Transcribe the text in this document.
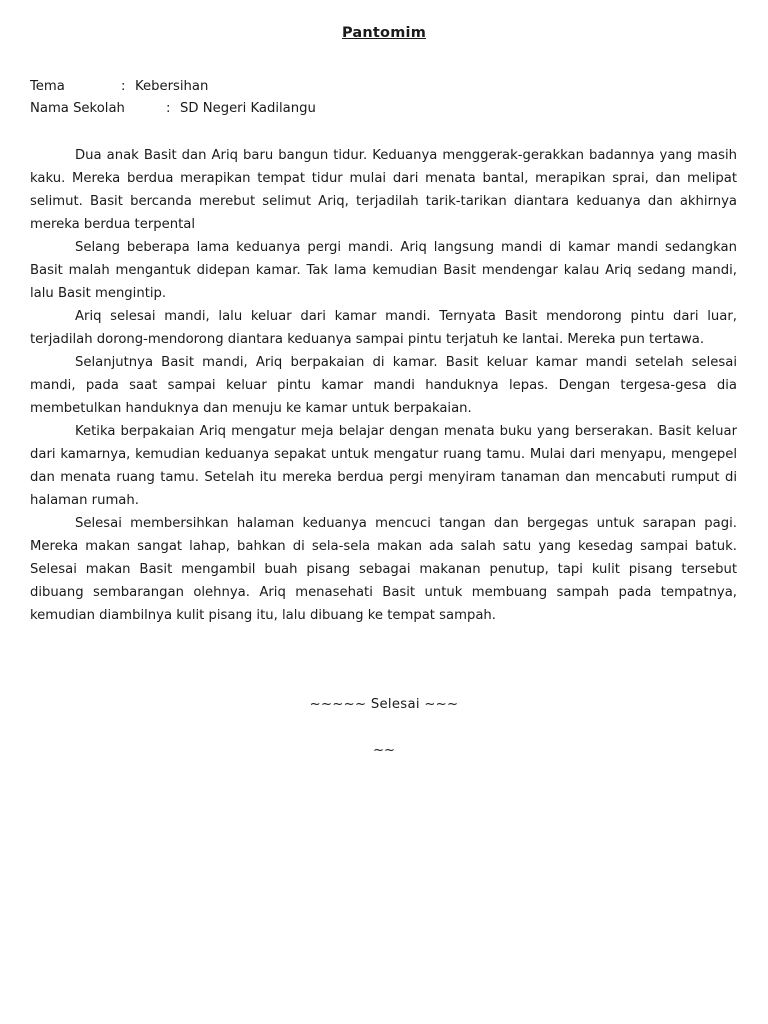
Pantomim
Tema	: Kebersihan
Nama Sekolah	: SD Negeri Kadilangu

Dua anak Basit dan Ariq baru bangun tidur. Keduanya menggerak-gerakkan badannya yang masih kaku. Mereka berdua merapikan tempat tidur mulai dari menata bantal, merapikan sprai, dan melipat selimut. Basit bercanda merebut selimut Ariq, terjadilah tarik-tarikan diantara keduanya dan akhirnya mereka berdua terpental

Selang beberapa lama keduanya pergi mandi. Ariq langsung mandi di kamar mandi sedangkan Basit malah mengantuk didepan kamar. Tak lama kemudian Basit mendengar kalau Ariq sedang mandi, lalu Basit mengintip.

Ariq selesai mandi, lalu keluar dari kamar mandi. Ternyata Basit mendorong pintu dari luar, terjadilah dorong-mendorong diantara keduanya sampai pintu terjatuh ke lantai. Mereka pun tertawa.

Selanjutnya Basit mandi, Ariq berpakaian di kamar. Basit keluar kamar mandi setelah selesai mandi, pada saat sampai keluar pintu kamar mandi handuknya lepas. Dengan tergesa-gesa dia membetulkan handuknya dan menuju ke kamar untuk berpakaian.

Ketika berpakaian Ariq mengatur meja belajar dengan menata buku yang berserakan. Basit keluar dari kamarnya, kemudian keduanya sepakat untuk mengatur ruang tamu. Mulai dari menyapu, mengepel dan menata ruang tamu. Setelah itu mereka berdua pergi menyiram tanaman dan mencabuti rumput di halaman rumah.

Selesai membersihkan halaman keduanya mencuci tangan dan bergegas untuk sarapan pagi. Mereka makan sangat lahap, bahkan di sela-sela makan ada salah satu yang kesedag sampai batuk. Selesai makan Basit mengambil buah pisang sebagai makanan penutup, tapi kulit pisang tersebut dibuang sembarangan olehnya. Ariq menasehati Basit untuk membuang sampah pada tempatnya, kemudian diambilnya kulit pisang itu, lalu dibuang ke tempat sampah.

~~~~~ Selesai ~~~
~~
